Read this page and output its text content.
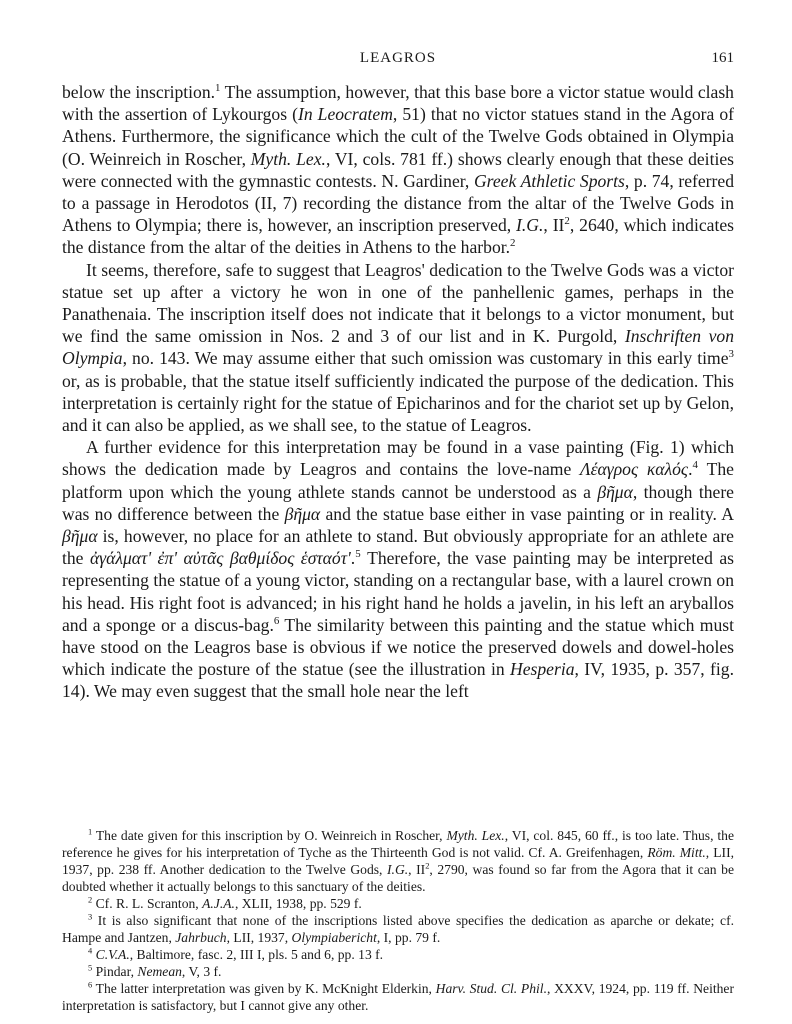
LEAGROS	161

below the inscription.$^1$ The assumption, however, that this base bore a victor statue would clash with the assertion of Lykourgos (In Leocratem, 51) that no victor statues stand in the Agora of Athens. Furthermore, the significance which the cult of the Twelve Gods obtained in Olympia (O. Weinreich in Roscher, Myth. Lex., VI, cols. 781 ff.) shows clearly enough that these deities were connected with the gymnastic contests. N. Gardiner, Greek Athletic Sports, p. 74, referred to a passage in Herodotos (II, 7) recording the distance from the altar of the Twelve Gods in Athens to Olympia; there is, however, an inscription preserved, I.G., $II^2$, 2640, which indicates the distance from the altar of the deities in Athens to the harbor.$^2$

It seems, therefore, safe to suggest that Leagros' dedication to the Twelve Gods was a victor statue set up after a victory he won in one of the panhellenic games, perhaps in the Panathenaia. The inscription itself does not indicate that it belongs to a victor monument, but we find the same omission in Nos. 2 and 3 of our list and in K. Purgold, Inschriften von Olympia, no. 143. We may assume either that such omission was customary in this early time$^3$ or, as is probable, that the statue itself sufficiently indicated the purpose of the dedication. This interpretation is certainly right for the statue of Epicharinos and for the chariot set up by Gelon, and it can also be applied, as we shall see, to the statue of Leagros.

A further evidence for this interpretation may be found in a vase painting (Fig. 1) which shows the dedication made by Leagros and contains the love-name Λέαγρος καλός.$^4$ The platform upon which the young athlete stands cannot be understood as a βῆμα, though there was no difference between the βῆμα and the statue base either in vase painting or in reality. A βῆμα is, however, no place for an athlete to stand. But obviously appropriate for an athlete are the ἀγάλματ' ἐπ' αὐτᾶς βαθμίδος ἑσταότ'.$^5$ Therefore, the vase painting may be interpreted as representing the statue of a young victor, standing on a rectangular base, with a laurel crown on his head. His right foot is advanced; in his right hand he holds a javelin, in his left an aryballos and a sponge or a discus-bag.$^6$ The similarity between this painting and the statue which must have stood on the Leagros base is obvious if we notice the preserved dowels and dowel-holes which indicate the posture of the statue (see the illustration in Hesperia, IV, 1935, p. 357, fig. 14). We may even suggest that the small hole near the left

$^1$ The date given for this inscription by O. Weinreich in Roscher, Myth. Lex., VI, col. 845, 60 ff., is too late. Thus, the reference he gives for his interpretation of Tyche as the Thirteenth God is not valid. Cf. A. Greifenhagen, Röm. Mitt., LII, 1937, pp. 238 ff. Another dedication to the Twelve Gods, I.G., $II^2$, 2790, was found so far from the Agora that it can be doubted whether it actually belongs to this sanctuary of the deities.

$^2$ Cf. R. L. Scranton, A.J.A., XLII, 1938, pp. 529 f.

$^3$ It is also significant that none of the inscriptions listed above specifies the dedication as aparche or dekate; cf. Hampe and Jantzen, Jahrbuch, LII, 1937, Olympiabericht, I, pp. 79 f.

$^4$ C.V.A., Baltimore, fasc. 2, III I, pls. 5 and 6, pp. 13 f.

$^5$ Pindar, Nemean, V, 3 f.

$^6$ The latter interpretation was given by K. McKnight Elderkin, Harv. Stud. Cl. Phil., XXXV, 1924, pp. 119 ff. Neither interpretation is satisfactory, but I cannot give any other.
